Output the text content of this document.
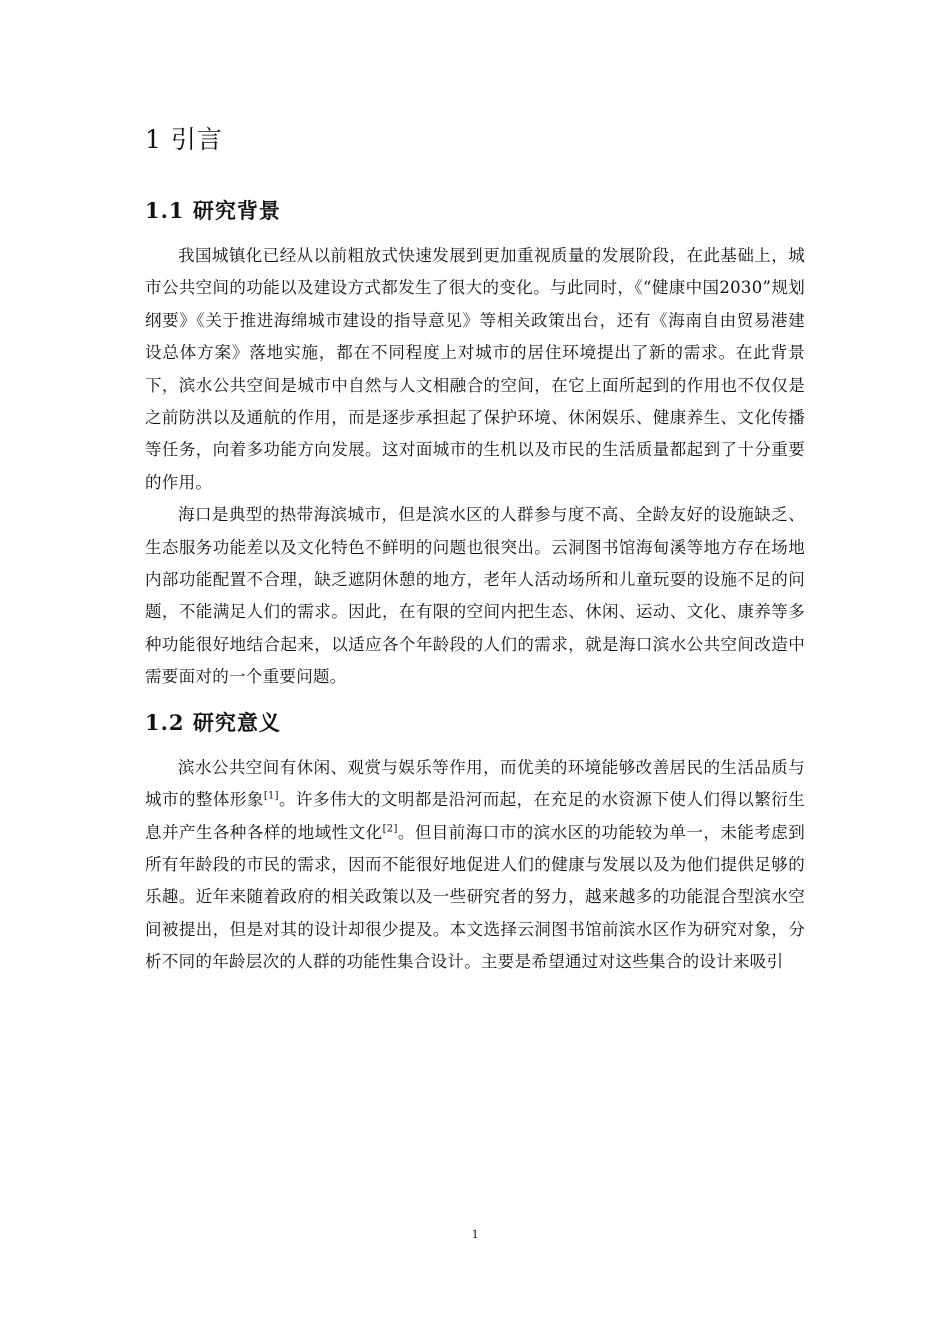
1 引言
1.1 研究背景

我国城镇化已经从以前粗放式快速发展到更加重视质量的发展阶段，在此基础上，城市公共空间的功能以及建设方式都发生了很大的变化。与此同时，《“健康中国2030”规划纲要》《关于推进海绵城市建设的指导意见》等相关政策出台，还有《海南自由贸易港建设总体方案》落地实施，都在不同程度上对城市的居住环境提出了新的需求。在此背景下，滨水公共空间是城市中自然与人文相融合的空间，在它上面所起到的作用也不仅仅是之前防洪以及通航的作用，而是逐步承担起了保护环境、休闲娱乐、健康养生、文化传播等任务，向着多功能方向发展。这对面城市的生机以及市民的生活质量都起到了十分重要的作用。

海口是典型的热带海滨城市，但是滨水区的人群参与度不高、全龄友好的设施缺乏、生态服务功能差以及文化特色不鲜明的问题也很突出。云洞图书馆海甸溪等地方存在场地内部功能配置不合理，缺乏遮阴休憩的地方，老年人活动场所和儿童玩耍的设施不足的问题，不能满足人们的需求。因此，在有限的空间内把生态、休闲、运动、文化、康养等多种功能很好地结合起来，以适应各个年龄段的人们的需求，就是海口滨水公共空间改造中需要面对的一个重要问题。

1.2 研究意义

滨水公共空间有休闲、观赏与娱乐等作用，而优美的环境能够改善居民的生活品质与城市的整体形象[1]。许多伟大的文明都是沿河而起，在充足的水资源下使人们得以繁衍生息并产生各种各样的地域性文化[2]。但目前海口市的滨水区的功能较为单一，未能考虑到所有年龄段的市民的需求，因而不能很好地促进人们的健康与发展以及为他们提供足够的乐趣。近年来随着政府的相关政策以及一些研究者的努力，越来越多的功能混合型滨水空间被提出，但是对其的设计却很少提及。本文选择云洞图书馆前滨水区作为研究对象，分析不同的年龄层次的人群的功能性集合设计。主要是希望通过对这些集合的设计来吸引

1
